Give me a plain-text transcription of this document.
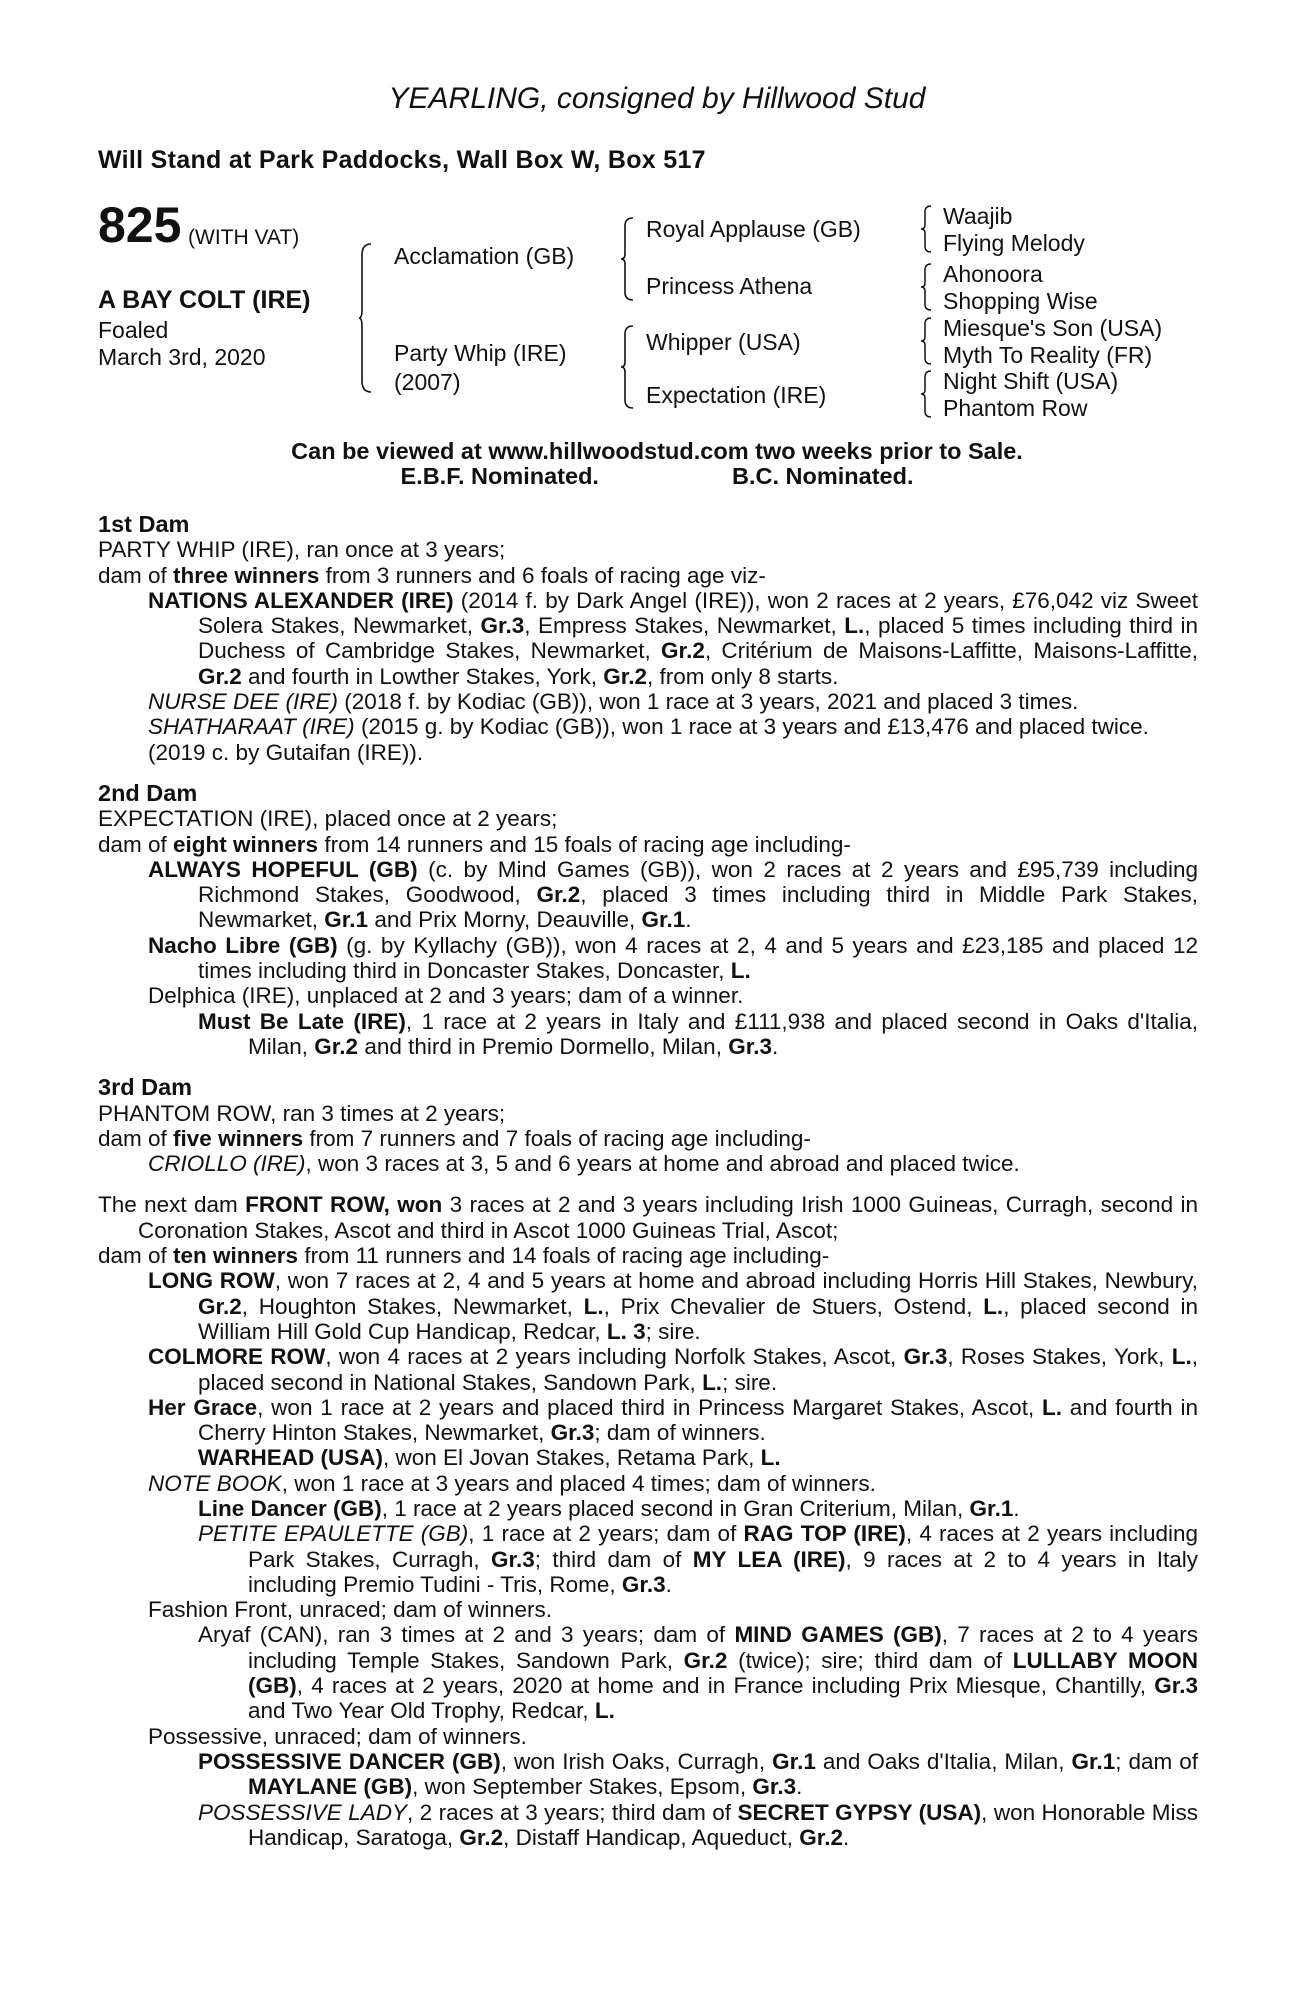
YEARLING, consigned by Hillwood Stud
Will Stand at Park Paddocks, Wall Box W, Box 517
825 (WITH VAT)
A BAY COLT (IRE)
Foaled
March 3rd, 2020
Acclamation (GB)
Party Whip (IRE)
(2007)
Royal Applause (GB)
Princess Athena
Whipper (USA)
Expectation (IRE)
Waajib
Flying Melody
Ahonoora
Shopping Wise
Miesque's Son (USA)
Myth To Reality (FR)
Night Shift (USA)
Phantom Row
Can be viewed at www.hillwoodstud.com two weeks prior to Sale.
E.B.F. Nominated.	B.C. Nominated.
1st Dam
PARTY WHIP (IRE), ran once at 3 years;
dam of three winners from 3 runners and 6 foals of racing age viz-
NATIONS ALEXANDER (IRE) (2014 f. by Dark Angel (IRE)), won 2 races at 2 years, £76,042 viz Sweet Solera Stakes, Newmarket, Gr.3, Empress Stakes, Newmarket, L., placed 5 times including third in Duchess of Cambridge Stakes, Newmarket, Gr.2, Critérium de Maisons-Laffitte, Maisons-Laffitte, Gr.2 and fourth in Lowther Stakes, York, Gr.2, from only 8 starts.
NURSE DEE (IRE) (2018 f. by Kodiac (GB)), won 1 race at 3 years, 2021 and placed 3 times.
SHATHARAAT (IRE) (2015 g. by Kodiac (GB)), won 1 race at 3 years and £13,476 and placed twice.
(2019 c. by Gutaifan (IRE)).
2nd Dam
EXPECTATION (IRE), placed once at 2 years;
dam of eight winners from 14 runners and 15 foals of racing age including-
ALWAYS HOPEFUL (GB) (c. by Mind Games (GB)), won 2 races at 2 years and £95,739 including Richmond Stakes, Goodwood, Gr.2, placed 3 times including third in Middle Park Stakes, Newmarket, Gr.1 and Prix Morny, Deauville, Gr.1.
Nacho Libre (GB) (g. by Kyllachy (GB)), won 4 races at 2, 4 and 5 years and £23,185 and placed 12 times including third in Doncaster Stakes, Doncaster, L.
Delphica (IRE), unplaced at 2 and 3 years; dam of a winner.
Must Be Late (IRE), 1 race at 2 years in Italy and £111,938 and placed second in Oaks d'Italia, Milan, Gr.2 and third in Premio Dormello, Milan, Gr.3.
3rd Dam
PHANTOM ROW, ran 3 times at 2 years;
dam of five winners from 7 runners and 7 foals of racing age including-
CRIOLLO (IRE), won 3 races at 3, 5 and 6 years at home and abroad and placed twice.
The next dam FRONT ROW, won 3 races at 2 and 3 years including Irish 1000 Guineas, Curragh, second in Coronation Stakes, Ascot and third in Ascot 1000 Guineas Trial, Ascot;
dam of ten winners from 11 runners and 14 foals of racing age including-
LONG ROW, won 7 races at 2, 4 and 5 years at home and abroad including Horris Hill Stakes, Newbury, Gr.2, Houghton Stakes, Newmarket, L., Prix Chevalier de Stuers, Ostend, L., placed second in William Hill Gold Cup Handicap, Redcar, L. 3; sire.
COLMORE ROW, won 4 races at 2 years including Norfolk Stakes, Ascot, Gr.3, Roses Stakes, York, L., placed second in National Stakes, Sandown Park, L.; sire.
Her Grace, won 1 race at 2 years and placed third in Princess Margaret Stakes, Ascot, L. and fourth in Cherry Hinton Stakes, Newmarket, Gr.3; dam of winners.
WARHEAD (USA), won El Jovan Stakes, Retama Park, L.
NOTE BOOK, won 1 race at 3 years and placed 4 times; dam of winners.
Line Dancer (GB), 1 race at 2 years placed second in Gran Criterium, Milan, Gr.1.
PETITE EPAULETTE (GB), 1 race at 2 years; dam of RAG TOP (IRE), 4 races at 2 years including Park Stakes, Curragh, Gr.3; third dam of MY LEA (IRE), 9 races at 2 to 4 years in Italy including Premio Tudini - Tris, Rome, Gr.3.
Fashion Front, unraced; dam of winners.
Aryaf (CAN), ran 3 times at 2 and 3 years; dam of MIND GAMES (GB), 7 races at 2 to 4 years including Temple Stakes, Sandown Park, Gr.2 (twice); sire; third dam of LULLABY MOON (GB), 4 races at 2 years, 2020 at home and in France including Prix Miesque, Chantilly, Gr.3 and Two Year Old Trophy, Redcar, L.
Possessive, unraced; dam of winners.
POSSESSIVE DANCER (GB), won Irish Oaks, Curragh, Gr.1 and Oaks d'Italia, Milan, Gr.1; dam of MAYLANE (GB), won September Stakes, Epsom, Gr.3.
POSSESSIVE LADY, 2 races at 3 years; third dam of SECRET GYPSY (USA), won Honorable Miss Handicap, Saratoga, Gr.2, Distaff Handicap, Aqueduct, Gr.2.
